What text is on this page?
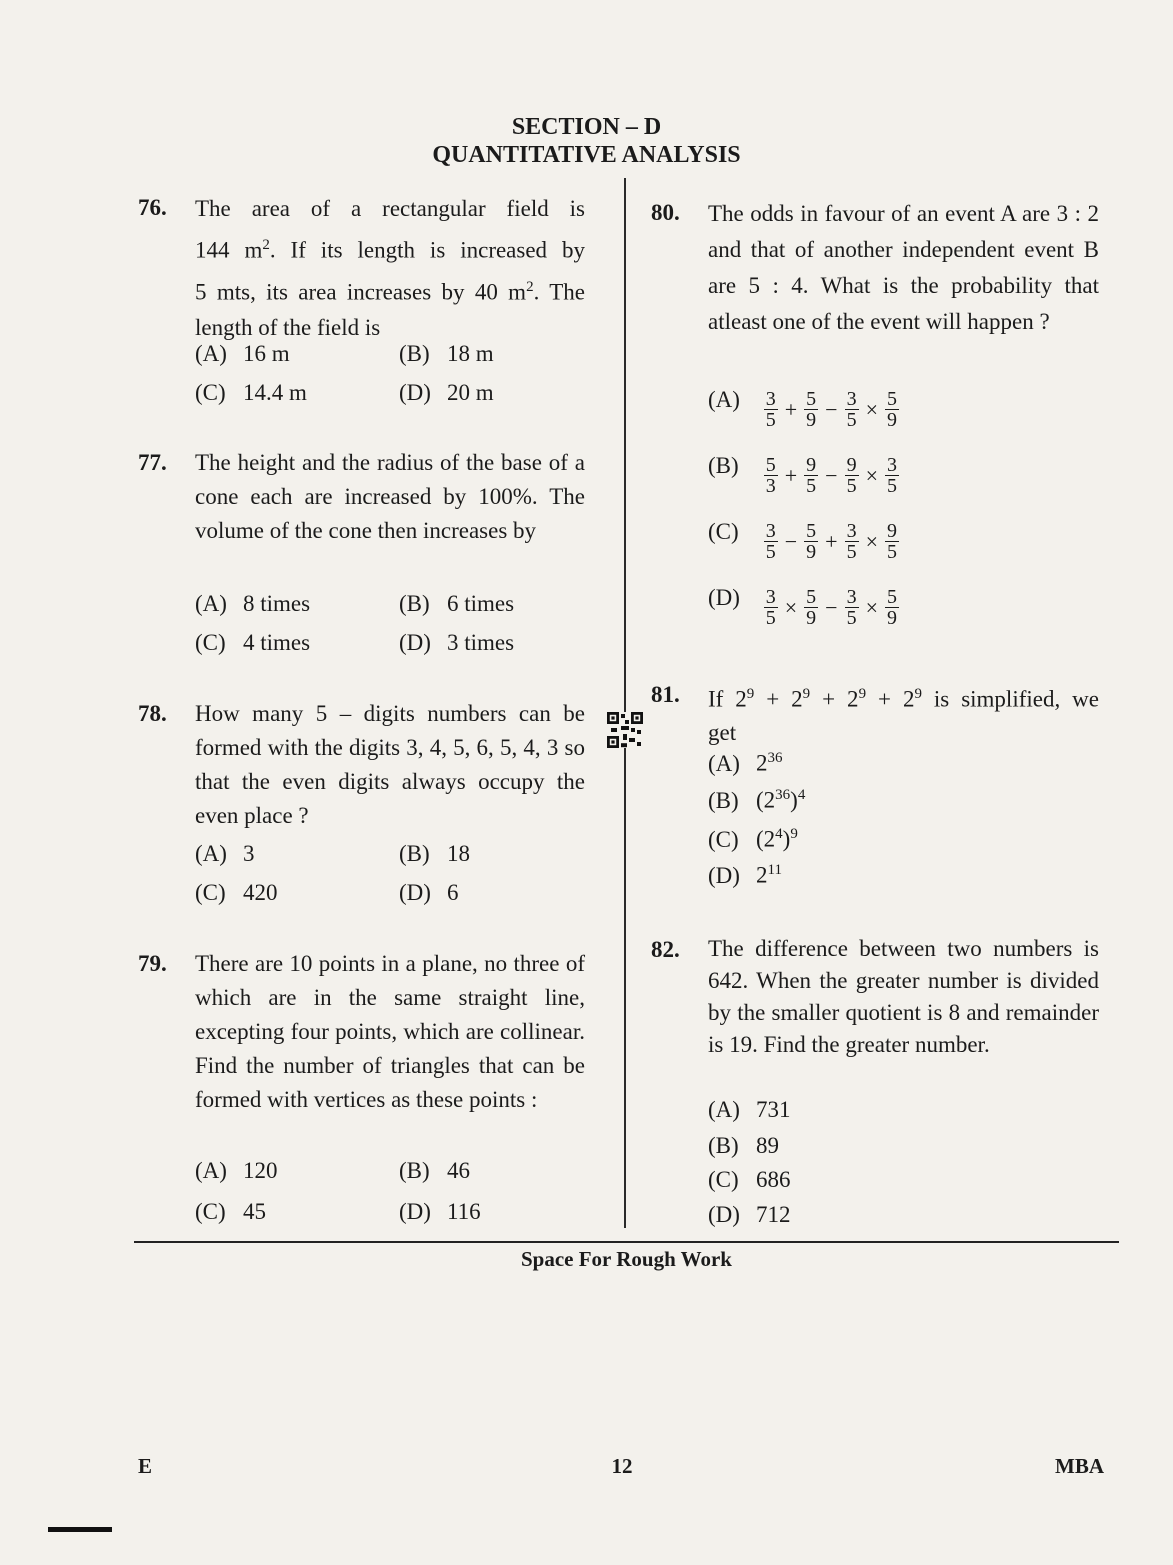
SECTION – D
QUANTITATIVE ANALYSIS
76. The area of a rectangular field is
144 $m^2$. If its length is increased by
5 mts, its area increases by 40 $m^2$. The
length of the field is
(A) 16 m	(B) 18 m
(C) 14.4 m	(D) 20 m
77. The height and the radius of the base of a cone each are increased by 100%. The volume of the cone then increases by
(A) 8 times	(B) 6 times
(C) 4 times	(D) 3 times
78. How many 5 – digits numbers can be formed with the digits 3, 4, 5, 6, 5, 4, 3 so that the even digits always occupy the even place ?
(A) 3	(B) 18
(C) 420	(D) 6
79. There are 10 points in a plane, no three of which are in the same straight line, excepting four points, which are collinear. Find the number of triangles that can be formed with vertices as these points :
(A) 120	(B) 46
(C) 45	(D) 116
80. The odds in favour of an event A are 3 : 2 and that of another independent event B are 5 : 4. What is the probability that atleast one of the event will happen ?
$(A) \frac{3}{5} + \frac{5}{9} - \frac{3}{5} \times \frac{5}{9}$
$(B) \frac{5}{3} + \frac{9}{5} - \frac{9}{5} \times \frac{3}{5}$
$(C) \frac{3}{5} - \frac{5}{9} + \frac{3}{5} \times \frac{9}{5}$
$(D) \frac{3}{5} \times \frac{5}{9} - \frac{3}{5} \times \frac{5}{9}$
81. If $2^9 + 2^9 + 2^9 + 2^9$ is simplified, we
get
(A) $2^{36}$
(B) $(2^{36})^4$
(C) $(2^4)^9$
(D) $2^{11}$
82. The difference between two numbers is 642. When the greater number is divided by the smaller quotient is 8 and remainder is 19. Find the greater number.
(A) 731
(B) 89
(C) 686
(D) 712
Space For Rough Work
E	12	MBA
